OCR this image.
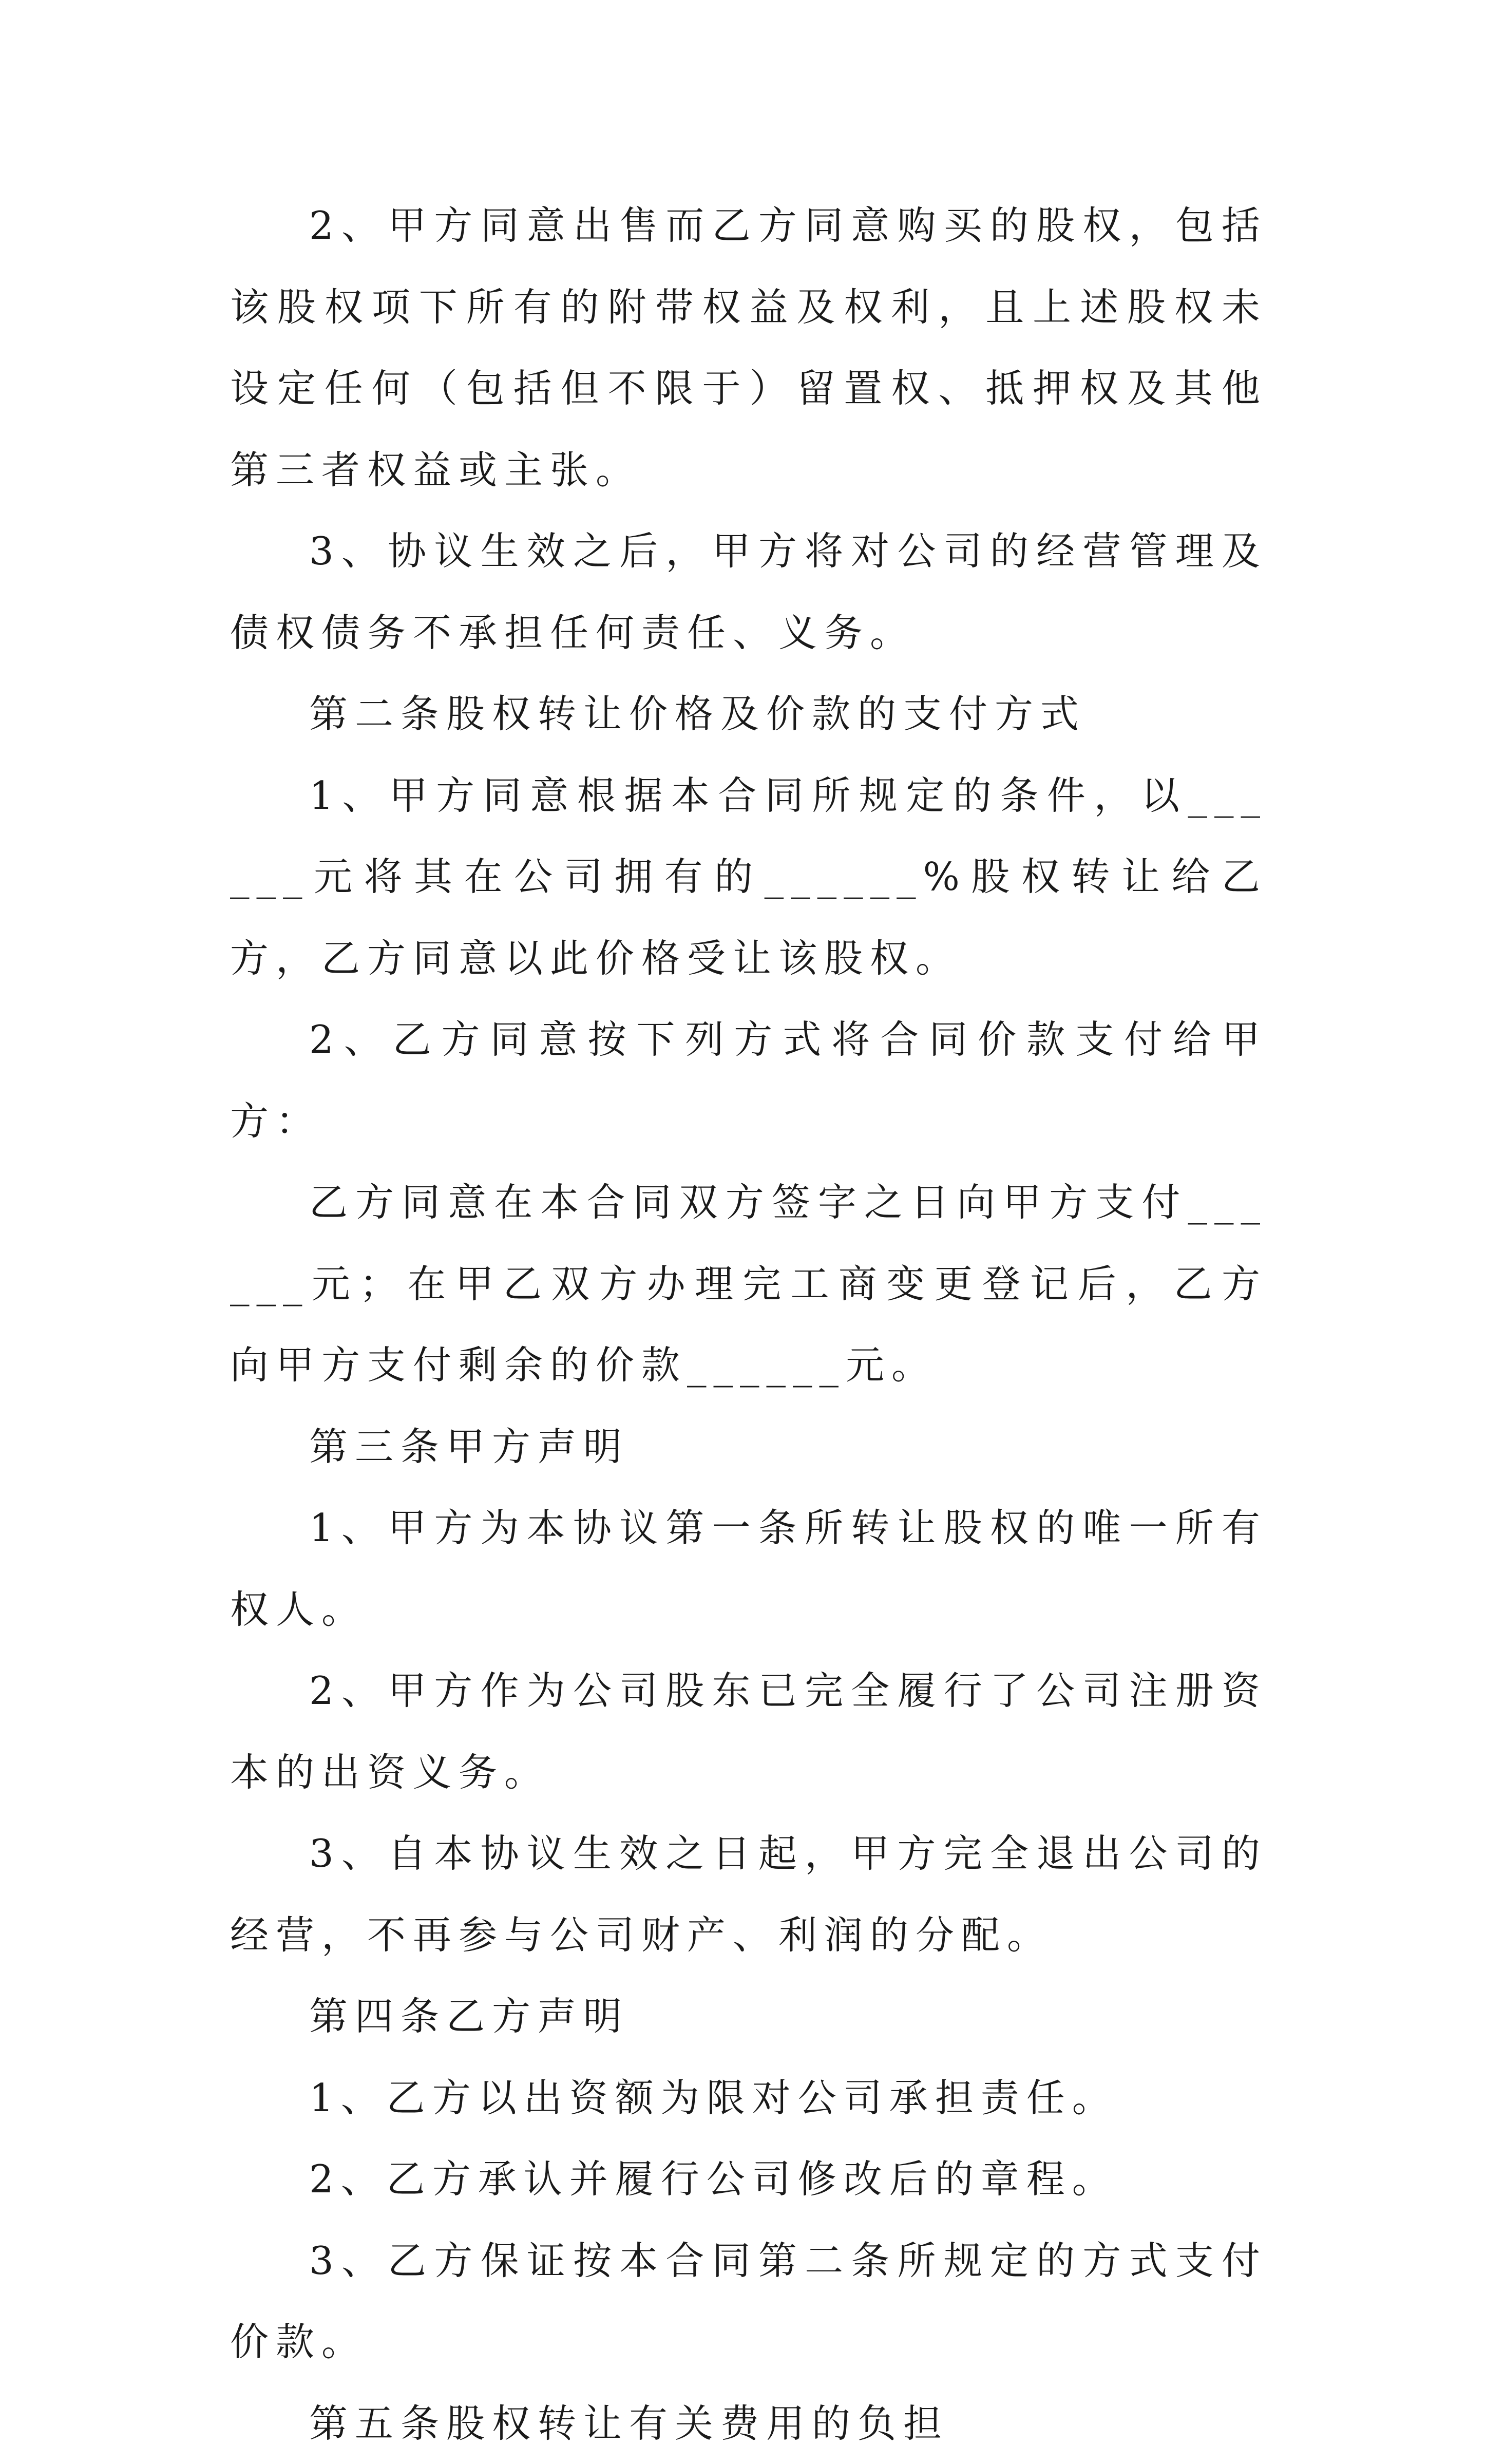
2、甲方同意出售而乙方同意购买的股权，包括该股权项下所有的附带权益及权利，且上述股权未设定任何（包括但不限于）留置权、抵押权及其他第三者权益或主张。

3、协议生效之后，甲方将对公司的经营管理及债权债务不承担任何责任、义务。

第二条股权转让价格及价款的支付方式

1、甲方同意根据本合同所规定的条件，以______元将其在公司拥有的______%股权转让给乙方，乙方同意以此价格受让该股权。

2、乙方同意按下列方式将合同价款支付给甲方：

乙方同意在本合同双方签字之日向甲方支付______元；在甲乙双方办理完工商变更登记后，乙方向甲方支付剩余的价款______元。

第三条甲方声明

1、甲方为本协议第一条所转让股权的唯一所有权人。

2、甲方作为公司股东已完全履行了公司注册资本的出资义务。

3、自本协议生效之日起，甲方完全退出公司的经营，不再参与公司财产、利润的分配。

第四条乙方声明

1、乙方以出资额为限对公司承担责任。

2、乙方承认并履行公司修改后的章程。

3、乙方保证按本合同第二条所规定的方式支付价款。

第五条股权转让有关费用的负担
